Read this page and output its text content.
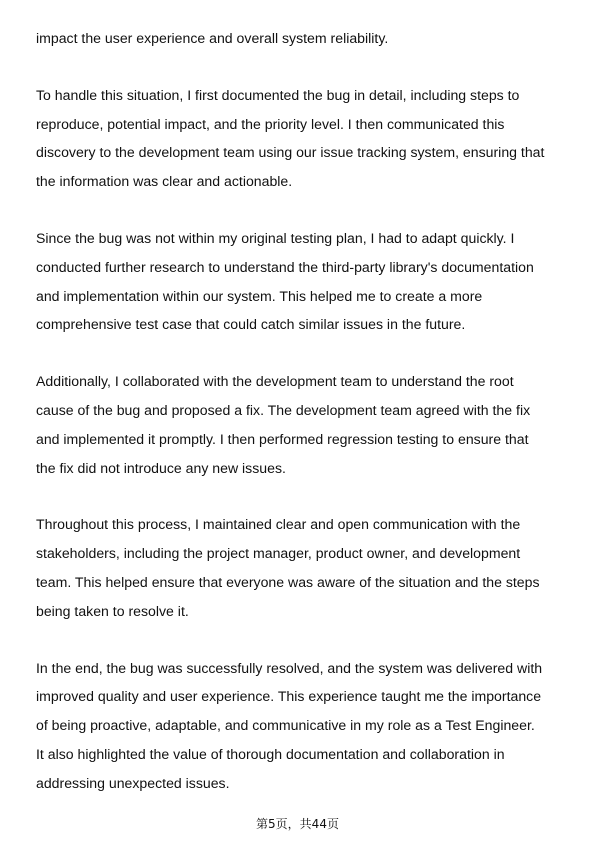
impact the user experience and overall system reliability.

To handle this situation, I first documented the bug in detail, including steps to
reproduce, potential impact, and the priority level. I then communicated this
discovery to the development team using our issue tracking system, ensuring that
the information was clear and actionable.

Since the bug was not within my original testing plan, I had to adapt quickly. I
conducted further research to understand the third-party library's documentation
and implementation within our system. This helped me to create a more
comprehensive test case that could catch similar issues in the future.

Additionally, I collaborated with the development team to understand the root
cause of the bug and proposed a fix. The development team agreed with the fix
and implemented it promptly. I then performed regression testing to ensure that
the fix did not introduce any new issues.

Throughout this process, I maintained clear and open communication with the
stakeholders, including the project manager, product owner, and development
team. This helped ensure that everyone was aware of the situation and the steps
being taken to resolve it.

In the end, the bug was successfully resolved, and the system was delivered with
improved quality and user experience. This experience taught me the importance
of being proactive, adaptable, and communicative in my role as a Test Engineer.
It also highlighted the value of thorough documentation and collaboration in
addressing unexpected issues.

第5页，共44页
